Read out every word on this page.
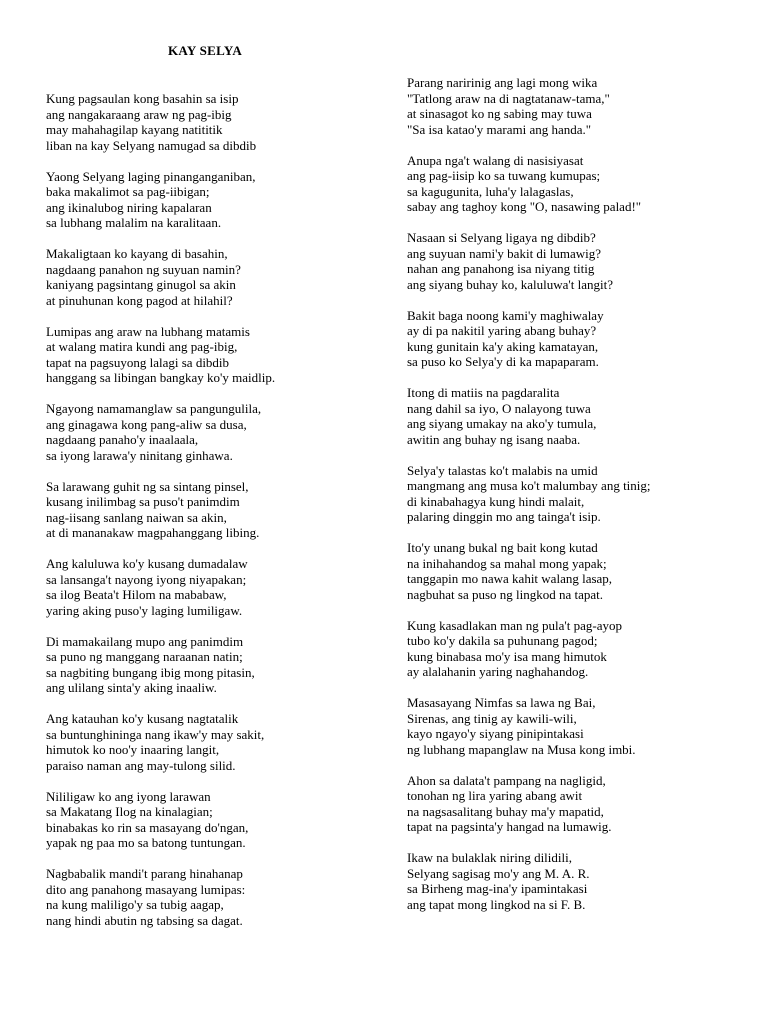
KAY SELYA
Kung pagsaulan kong basahin sa isip
ang nangakaraang araw ng pag-ibig
may mahahagilap kayang natititik
liban na kay Selyang namugad sa dibdib
Yaong Selyang laging pinanganganiban,
baka makalimot sa pag-iibigan;
ang ikinalubog niring kapalaran
sa lubhang malalim na karalitaan.
Makaligtaan ko kayang di basahin,
nagdaang panahon ng suyuan namin?
kaniyang pagsintang ginugol sa akin
at pinuhunan kong pagod at hilahil?
Lumipas ang araw na lubhang matamis
at walang matira kundi ang pag-ibig,
tapat na pagsuyong lalagi sa dibdib
hanggang sa libingan bangkay ko'y maidlip.
Ngayong namamanglaw sa pangungulila,
ang ginagawa kong pang-aliw sa dusa,
nagdaang panaho'y inaalaala,
sa iyong larawa'y ninitang ginhawa.
Sa larawang guhit ng sa sintang pinsel,
kusang inilimbag sa puso't panimdim
nag-iisang sanlang naiwan sa akin,
at di mananakaw magpahanggang libing.
Ang kaluluwa ko'y kusang dumadalaw
sa lansanga't nayong iyong niyapakan;
sa ilog Beata't Hilom na mababaw,
yaring aking puso'y laging lumiligaw.
Di mamakailang mupo ang panimdim
sa puno ng manggang naraanan natin;
sa nagbiting bungang ibig mong pitasin,
ang ulilang sinta'y aking inaaliw.
Ang katauhan ko'y kusang nagtatalik
sa buntunghininga nang ikaw'y may sakit,
himutok ko noo'y inaaring langit,
paraiso naman ang may-tulong silid.
Nililigaw ko ang iyong larawan
sa Makatang Ilog na kinalagian;
binabakas ko rin sa masayang do'ngan,
yapak ng paa mo sa batong tuntungan.
Nagbabalik mandi't parang hinahanap
dito ang panahong masayang lumipas:
na kung maliligo'y sa tubig aagap,
nang hindi abutin ng tabsing sa dagat.
Parang naririnig ang lagi mong wika
"Tatlong araw na di nagtatanaw-tama,"
at sinasagot ko ng sabing may tuwa
"Sa isa katao'y marami ang handa."
Anupa nga't walang di nasisiyasat
ang pag-iisip ko sa tuwang kumupas;
sa kagugunita, luha'y lalagaslas,
sabay ang taghoy kong "O, nasawing palad!"
Nasaan si Selyang ligaya ng dibdib?
ang suyuan nami'y bakit di lumawig?
nahan ang panahong isa niyang titig
ang siyang buhay ko, kaluluwa't langit?
Bakit baga noong kami'y maghiwalay
ay di pa nakitil yaring abang buhay?
kung gunitain ka'y aking kamatayan,
sa puso ko Selya'y di ka mapaparam.
Itong di matiis na pagdaralita
nang dahil sa iyo, O nalayong tuwa
ang siyang umakay na ako'y tumula,
awitin ang buhay ng isang naaba.
Selya'y talastas ko't malabis na umid
mangmang ang musa ko't malumbay ang tinig;
di kinabahagya kung hindi malait,
palaring dinggin mo ang tainga't isip.
Ito'y unang bukal ng bait kong kutad
na inihahandog sa mahal mong yapak;
tanggapin mo nawa kahit walang lasap,
nagbuhat sa puso ng lingkod na tapat.
Kung kasadlakan man ng pula't pag-ayop
tubo ko'y dakila sa puhunang pagod;
kung binabasa mo'y isa mang himutok
ay alalahanin yaring naghahandog.
Masasayang Nimfas sa lawa ng Bai,
Sirenas, ang tinig ay kawili-wili,
kayo ngayo'y siyang pinipintakasi
ng lubhang mapanglaw na Musa kong imbi.
Ahon sa dalata't pampang na nagligid,
tonohan ng lira yaring abang awit
na nagsasalitang buhay ma'y mapatid,
tapat na pagsinta'y hangad na lumawig.
Ikaw na bulaklak niring dilidili,
Selyang sagisag mo'y ang M. A. R.
sa Birheng mag-ina'y ipamintakasi
ang tapat mong lingkod na si F. B.
